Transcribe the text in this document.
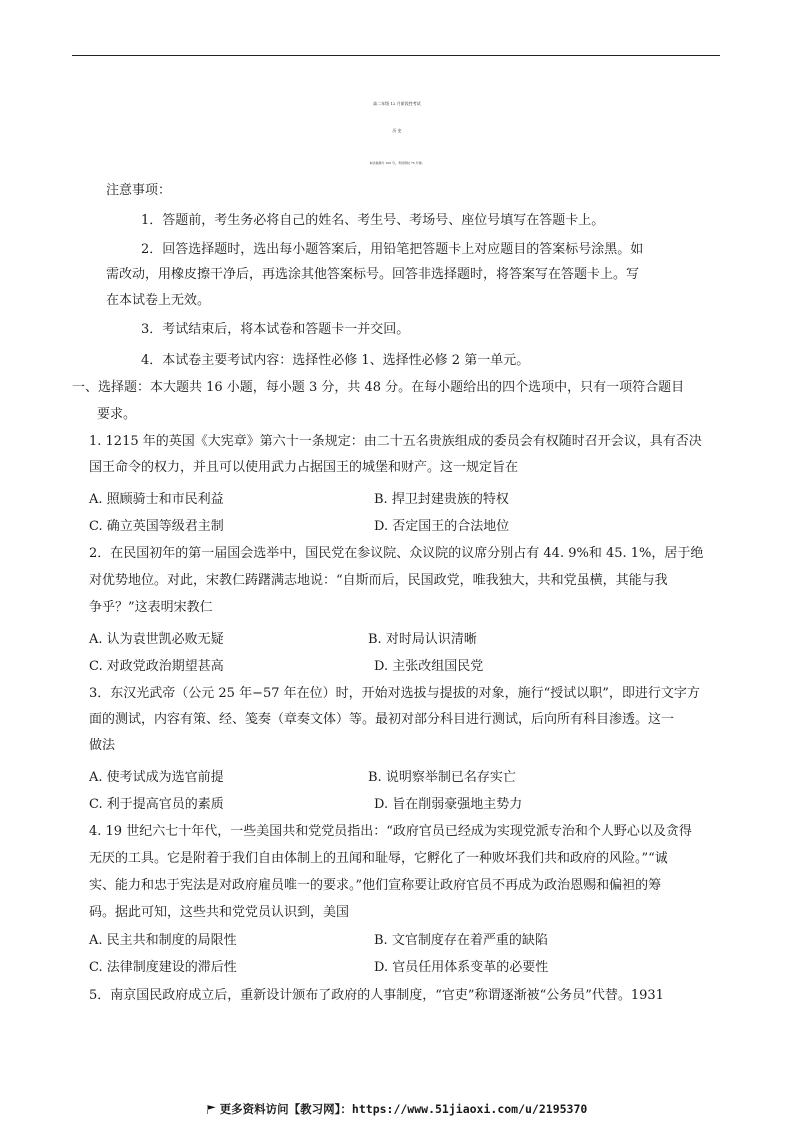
高二年级 12 月阶段性考试
历 史
本试卷满分 100 分，考试用时 75 分钟。
注意事项：
1．答题前，考生务必将自己的姓名、考生号、考场号、座位号填写在答题卡上。
2．回答选择题时，选出每小题答案后，用铅笔把答题卡上对应题目的答案标号涂黑。如
需改动，用橡皮擦干净后，再选涂其他答案标号。回答非选择题时，将答案写在答题卡上。写
在本试卷上无效。
3．考试结束后，将本试卷和答题卡一并交回。
4．本试卷主要考试内容：选择性必修 1、选择性必修 2 第一单元。
一、选择题：本大题共 16 小题，每小题 3 分，共 48 分。在每小题给出的四个选项中，只有一项符合题目
要求。
1. 1215 年的英国《大宪章》第六十一条规定：由二十五名贵族组成的委员会有权随时召开会议，具有否决
国王命令的权力，并且可以使用武力占据国王的城堡和财产。这一规定旨在
A. 照顾骑士和市民利益	B. 捍卫封建贵族的特权
C. 确立英国等级君主制	D. 否定国王的合法地位
2．在民国初年的第一届国会选举中，国民党在参议院、众议院的议席分别占有 44. 9%和 45. 1%，居于绝
对优势地位。对此，宋教仁踌躇满志地说：“自斯而后，民国政党，唯我独大，共和党虽横，其能与我
争乎？”这表明宋教仁
A. 认为袁世凯必败无疑	B. 对时局认识清晰
C. 对政党政治期望甚高	D. 主张改组国民党
3．东汉光武帝（公元 25 年−57 年在位）时，开始对选拔与提拔的对象，施行“授试以职”，即进行文字方
面的测试，内容有策、经、笺奏（章奏文体）等。最初对部分科目进行测试，后向所有科目渗透。这一
做法
A. 使考试成为选官前提	B. 说明察举制已名存实亡
C. 利于提高官员的素质	D. 旨在削弱豪强地主势力
4. 19 世纪六七十年代，一些美国共和党党员指出：“政府官员已经成为实现党派专治和个人野心以及贪得
无厌的工具。它是附着于我们自由体制上的丑闻和耻辱，它孵化了一种败坏我们共和政府的风险。”“诚
实、能力和忠于宪法是对政府雇员唯一的要求。”他们宣称要让政府官员不再成为政治恩赐和偏袒的筹
码。据此可知，这些共和党党员认识到，美国
A. 民主共和制度的局限性	B. 文官制度存在着严重的缺陷
C. 法律制度建设的滞后性	D. 官员任用体系变革的必要性
5．南京国民政府成立后，重新设计颁布了政府的人事制度，“官吏”称谓逐渐被“公务员”代替。1931
更多资料访问【教习网】：https://www.51jiaoxi.com/u/2195370
